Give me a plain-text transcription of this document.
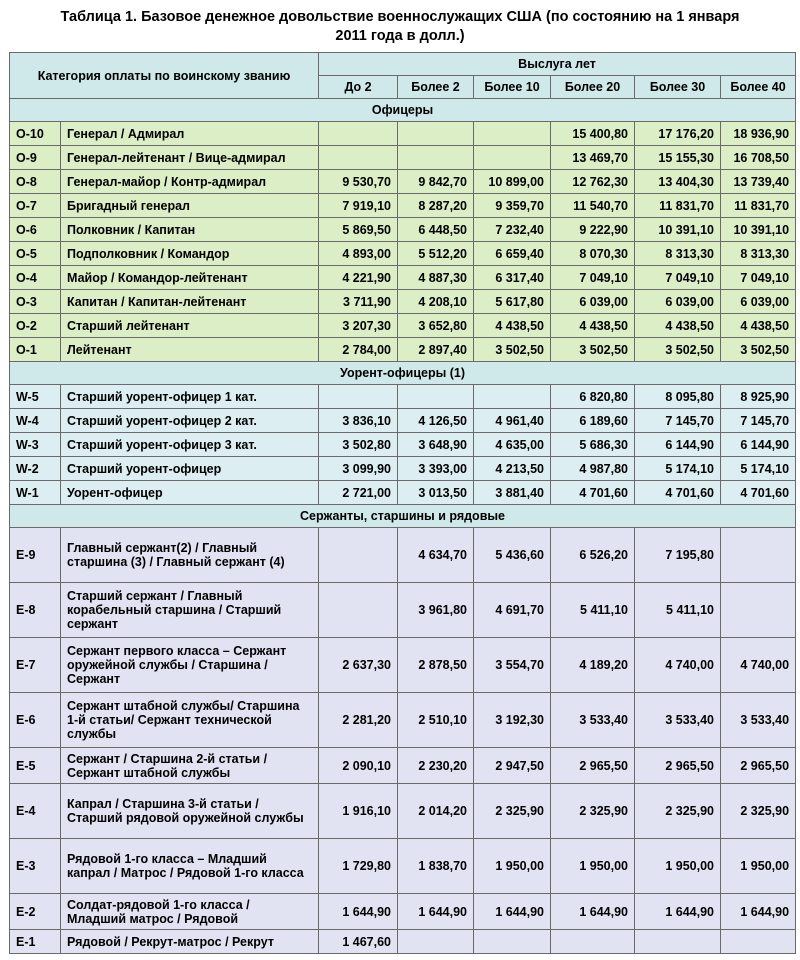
Таблица 1. Базовое денежное довольствие военнослужащих США (по состоянию на 1 января
2011 года в долл.)
Категория оплаты по воинскому званию		Выслуга лет					
		До 2	Более 2	Более 10	Более 20	Более 30	Более 40
Офицеры							
O-10	Генерал / Адмирал				15 400,80	17 176,20	18 936,90
O-9	Генерал-лейтенант / Вице-адмирал				13 469,70	15 155,30	16 708,50
O-8	Генерал-майор / Контр-адмирал	9 530,70	9 842,70	10 899,00	12 762,30	13 404,30	13 739,40
O-7	Бригадный генерал	7 919,10	8 287,20	9 359,70	11 540,70	11 831,70	11 831,70
O-6	Полковник / Капитан	5 869,50	6 448,50	7 232,40	9 222,90	10 391,10	10 391,10
O-5	Подполковник / Командор	4 893,00	5 512,20	6 659,40	8 070,30	8 313,30	8 313,30
O-4	Майор / Командор-лейтенант	4 221,90	4 887,30	6 317,40	7 049,10	7 049,10	7 049,10
O-3	Капитан / Капитан-лейтенант	3 711,90	4 208,10	5 617,80	6 039,00	6 039,00	6 039,00
O-2	Старший лейтенант	3 207,30	3 652,80	4 438,50	4 438,50	4 438,50	4 438,50
O-1	Лейтенант	2 784,00	2 897,40	3 502,50	3 502,50	3 502,50	3 502,50
Уорент-офицеры (1)							
W-5	Старший уорент-офицер 1 кат.				6 820,80	8 095,80	8 925,90
W-4	Старший уорент-офицер 2 кат.	3 836,10	4 126,50	4 961,40	6 189,60	7 145,70	7 145,70
W-3	Старший уорент-офицер 3 кат.	3 502,80	3 648,90	4 635,00	5 686,30	6 144,90	6 144,90
W-2	Старший уорент-офицер	3 099,90	3 393,00	4 213,50	4 987,80	5 174,10	5 174,10
W-1	Уорент-офицер	2 721,00	3 013,50	3 881,40	4 701,60	4 701,60	4 701,60
Сержанты, старшины и рядовые							
E-9	Главный сержант(2) / Главный старшина (3) / Главный сержант (4)		4 634,70	5 436,60	6 526,20	7 195,80	
E-8	Старший сержант / Главный корабельный старшина / Старший сержант		3 961,80	4 691,70	5 411,10	5 411,10	
E-7	Сержант первого класса – Сержант оружейной службы / Старшина / Сержант	2 637,30	2 878,50	3 554,70	4 189,20	4 740,00	4 740,00
E-6	Сержант штабной службы/ Старшина 1-й статьи/ Сержант технической службы	2 281,20	2 510,10	3 192,30	3 533,40	3 533,40	3 533,40
E-5	Сержант / Старшина 2-й статьи / Сержант штабной службы	2 090,10	2 230,20	2 947,50	2 965,50	2 965,50	2 965,50
E-4	Капрал / Старшина 3-й статьи / Старший рядовой оружейной службы	1 916,10	2 014,20	2 325,90	2 325,90	2 325,90	2 325,90
E-3	Рядовой 1-го класса – Младший капрал / Матрос / Рядовой 1-го класса	1 729,80	1 838,70	1 950,00	1 950,00	1 950,00	1 950,00
E-2	Солдат-рядовой 1-го класса / Младший матрос / Рядовой	1 644,90	1 644,90	1 644,90	1 644,90	1 644,90	1 644,90
E-1	Рядовой / Рекрут-матрос / Рекрут	1 467,60					
